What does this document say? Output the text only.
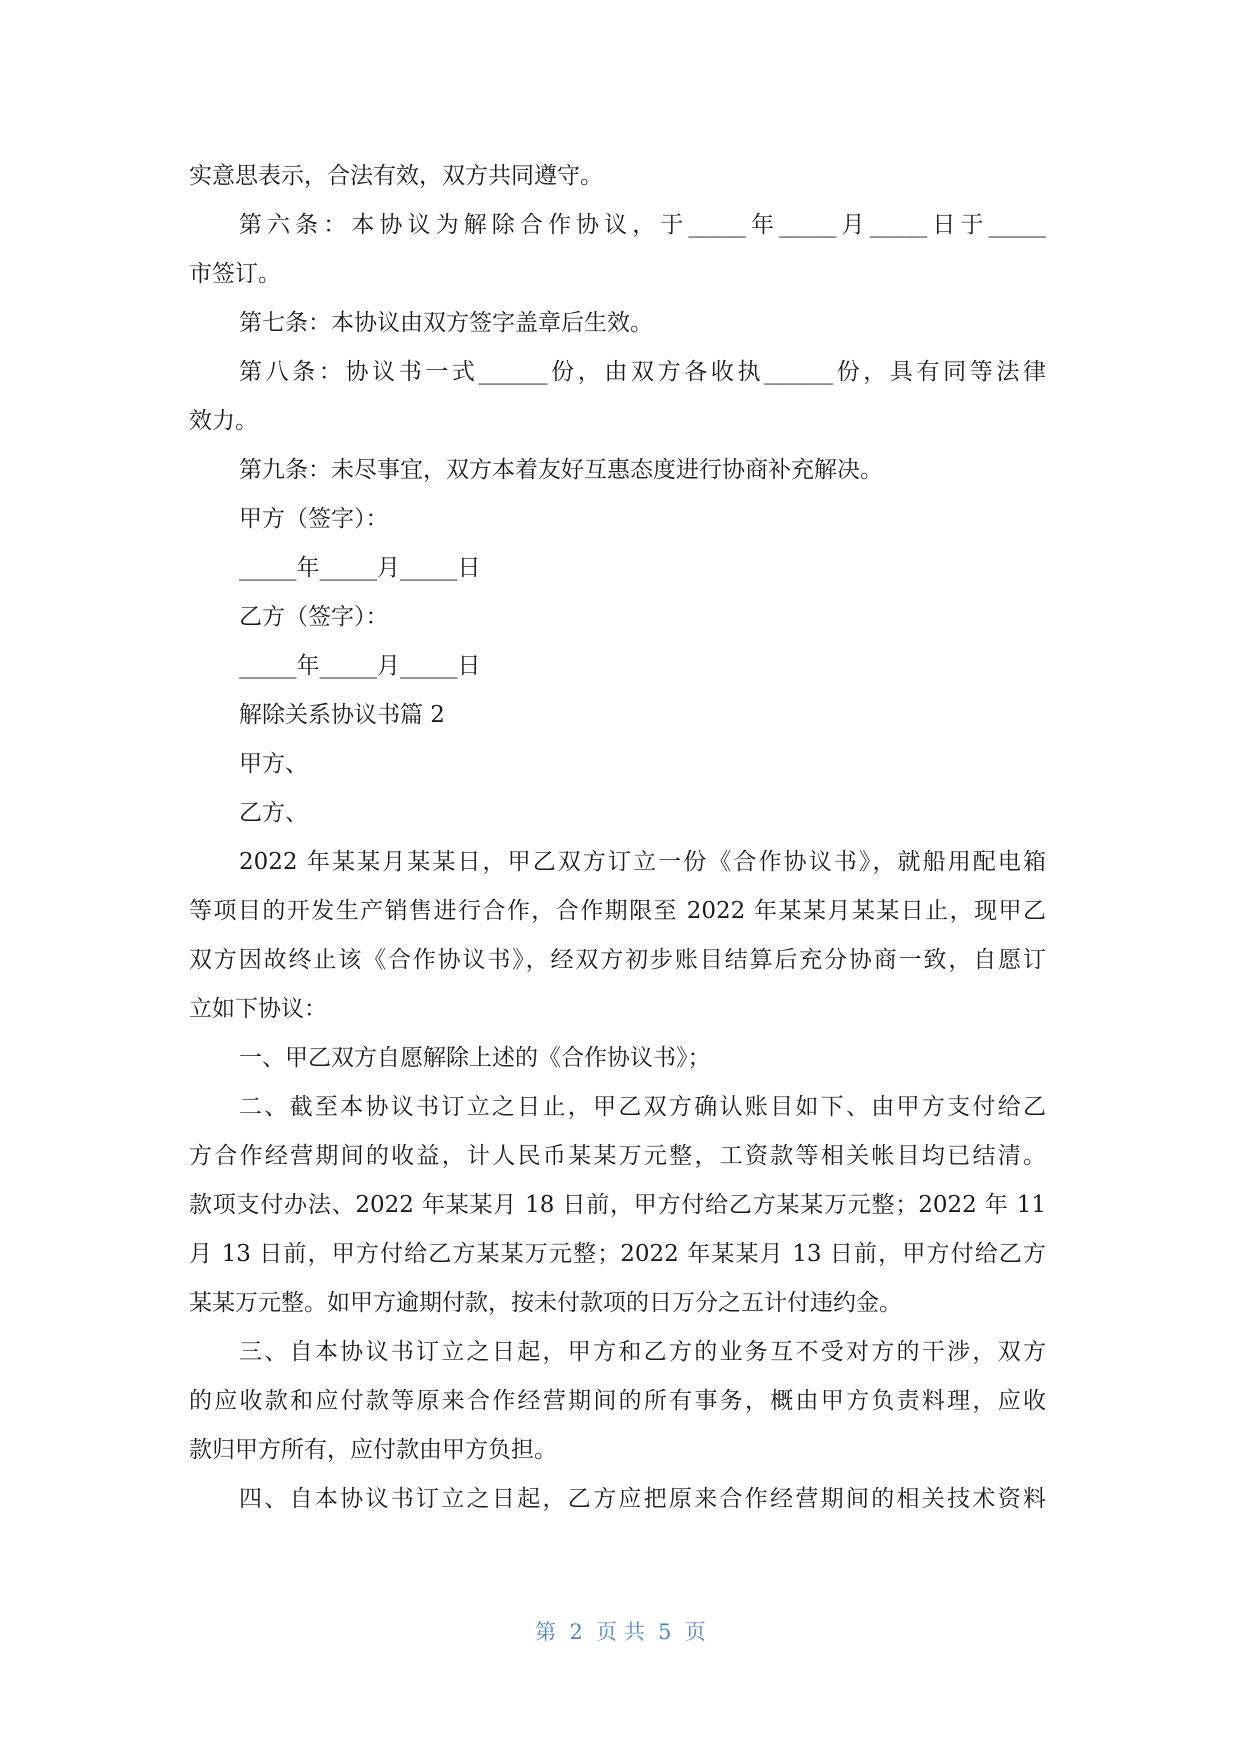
实意思表示，合法有效，双方共同遵守。
第六条：本协议为解除合作协议，于_____年_____月_____日于_____
市签订。
第七条：本协议由双方签字盖章后生效。
第八条：协议书一式______份，由双方各收执______份，具有同等法律
效力。
第九条：未尽事宜，双方本着友好互惠态度进行协商补充解决。
甲方（签字）：
_____年_____月_____日
乙方（签字）：
_____年_____月_____日
解除关系协议书篇 2
甲方、
乙方、
2022 年某某月某某日，甲乙双方订立一份《合作协议书》，就船用配电箱
等项目的开发生产销售进行合作，合作期限至 2022 年某某月某某日止，现甲乙
双方因故终止该《合作协议书》，经双方初步账目结算后充分协商一致，自愿订
立如下协议：
一、甲乙双方自愿解除上述的《合作协议书》；
二、截至本协议书订立之日止，甲乙双方确认账目如下、由甲方支付给乙
方合作经营期间的收益，计人民币某某万元整，工资款等相关帐目均已结清。
款项支付办法、2022 年某某月 18 日前，甲方付给乙方某某万元整；2022 年 11
月 13 日前，甲方付给乙方某某万元整；2022 年某某月 13 日前，甲方付给乙方
某某万元整。如甲方逾期付款，按未付款项的日万分之五计付违约金。
三、自本协议书订立之日起，甲方和乙方的业务互不受对方的干涉，双方
的应收款和应付款等原来合作经营期间的所有事务，概由甲方负责料理，应收
款归甲方所有，应付款由甲方负担。
四、自本协议书订立之日起，乙方应把原来合作经营期间的相关技术资料
第  2  页 共  5  页
